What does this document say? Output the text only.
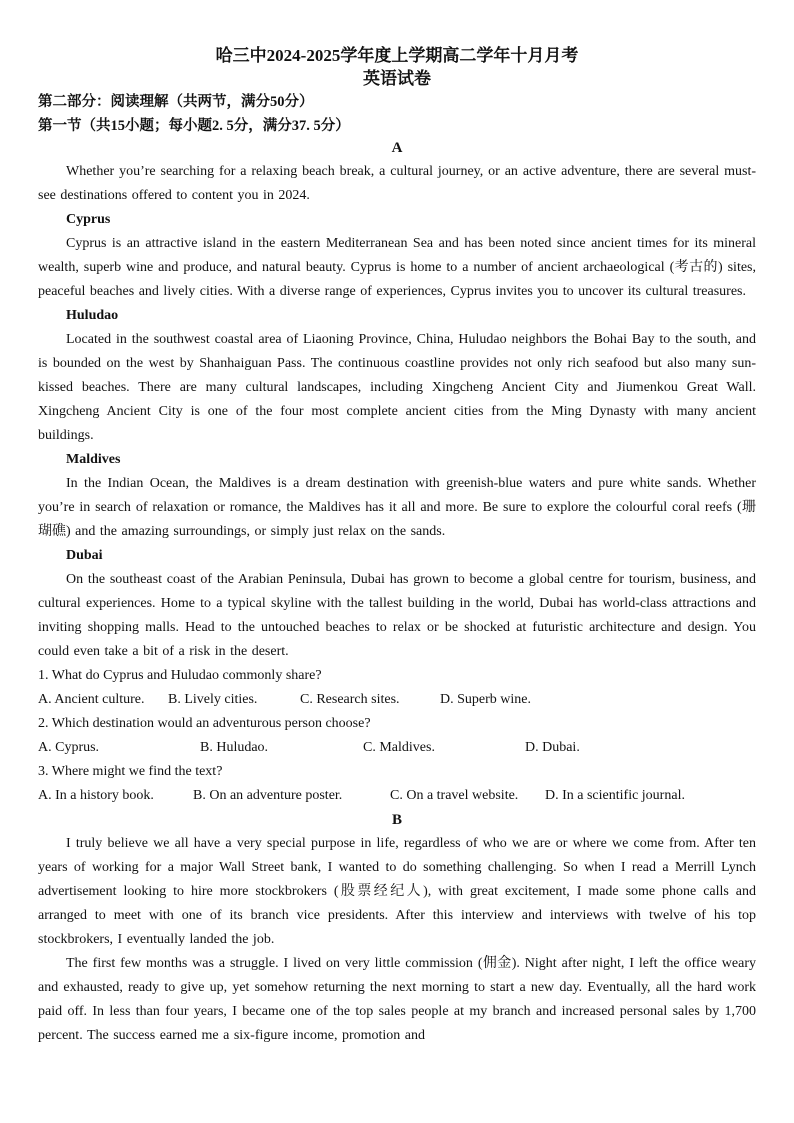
哈三中2024-2025学年度上学期高二学年十月月考
英语试卷
第二部分：阅读理解（共两节，满分50分）
第一节（共15小题；每小题2. 5分，满分37. 5分）
A

Whether you’re searching for a relaxing beach break, a cultural journey, or an active adventure, there are several must-see destinations offered to content you in 2024.

Cyprus

Cyprus is an attractive island in the eastern Mediterranean Sea and has been noted since ancient times for its mineral wealth, superb wine and produce, and natural beauty. Cyprus is home to a number of ancient archaeological (考古的) sites, peaceful beaches and lively cities. With a diverse range of experiences, Cyprus invites you to uncover its cultural treasures.

Huludao

Located in the southwest coastal area of Liaoning Province, China, Huludao neighbors the Bohai Bay to the south, and is bounded on the west by Shanhaiguan Pass. The continuous coastline provides not only rich seafood but also many sun-kissed beaches. There are many cultural landscapes, including Xingcheng Ancient City and Jiumenkou Great Wall. Xingcheng Ancient City is one of the four most complete ancient cities from the Ming Dynasty with many ancient buildings.

Maldives

In the Indian Ocean, the Maldives is a dream destination with greenish-blue waters and pure white sands. Whether you’re in search of relaxation or romance, the Maldives has it all and more. Be sure to explore the colourful coral reefs (珊瑚礁) and the amazing surroundings, or simply just relax on the sands.

Dubai

On the southeast coast of the Arabian Peninsula, Dubai has grown to become a global centre for tourism, business, and cultural experiences. Home to a typical skyline with the tallest building in the world, Dubai has world-class attractions and inviting shopping malls. Head to the untouched beaches to relax or be shocked at futuristic architecture and design. You could even take a bit of a risk in the desert.

1. What do Cyprus and Huludao commonly share?

A. Ancient culture.	B. Lively cities.	C. Research sites.	D. Superb wine.

2. Which destination would an adventurous person choose?

A. Cyprus.	B. Huludao.	C. Maldives.	D. Dubai.

3. Where might we find the text?

A. In a history book.	B. On an adventure poster.	C. On a travel website.	D. In a scientific journal.
B

I truly believe we all have a very special purpose in life, regardless of who we are or where we come from. After ten years of working for a major Wall Street bank, I wanted to do something challenging. So when I read a Merrill Lynch advertisement looking to hire more stockbrokers (股票经纪人), with great excitement, I made some phone calls and arranged to meet with one of its branch vice presidents. After this interview and interviews with twelve of his top stockbrokers, I eventually landed the job.

The first few months was a struggle. I lived on very little commission (佣金). Night after night, I left the office weary and exhausted, ready to give up, yet somehow returning the next morning to start a new day. Eventually, all the hard work paid off. In less than four years, I became one of the top sales people at my branch and increased personal sales by 1,700 percent. The success earned me a six-figure income, promotion and
